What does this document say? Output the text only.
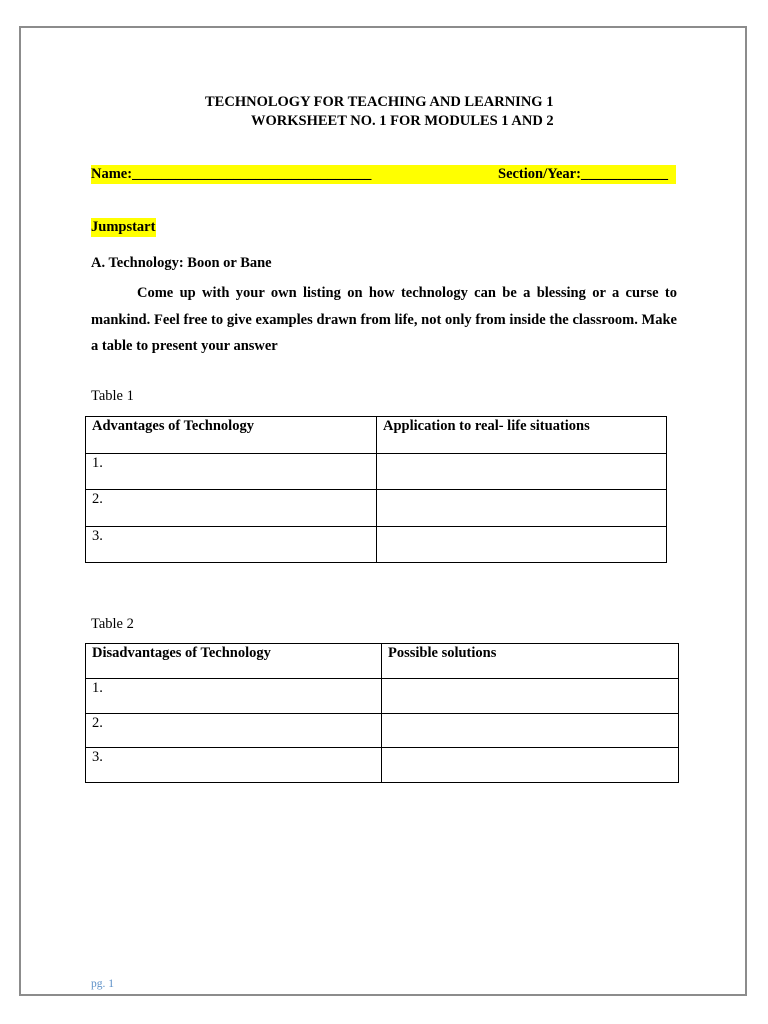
TECHNOLOGY FOR TEACHING AND LEARNING 1
WORKSHEET NO. 1 FOR MODULES 1 AND 2
Name:_________________________________	Section/Year:____________
Jumpstart
A. Technology: Boon or Bane

Come up with your own listing on how technology can be a blessing or a curse to mankind. Feel free to give examples drawn from life, not only from inside the classroom. Make a table to present your answer

Table 1
Advantages of Technology	Application to real- life situations
1.	
2.	
3.	
Table 2
Disadvantages of Technology	Possible solutions
1.	
2.	
3.	
pg. 1
